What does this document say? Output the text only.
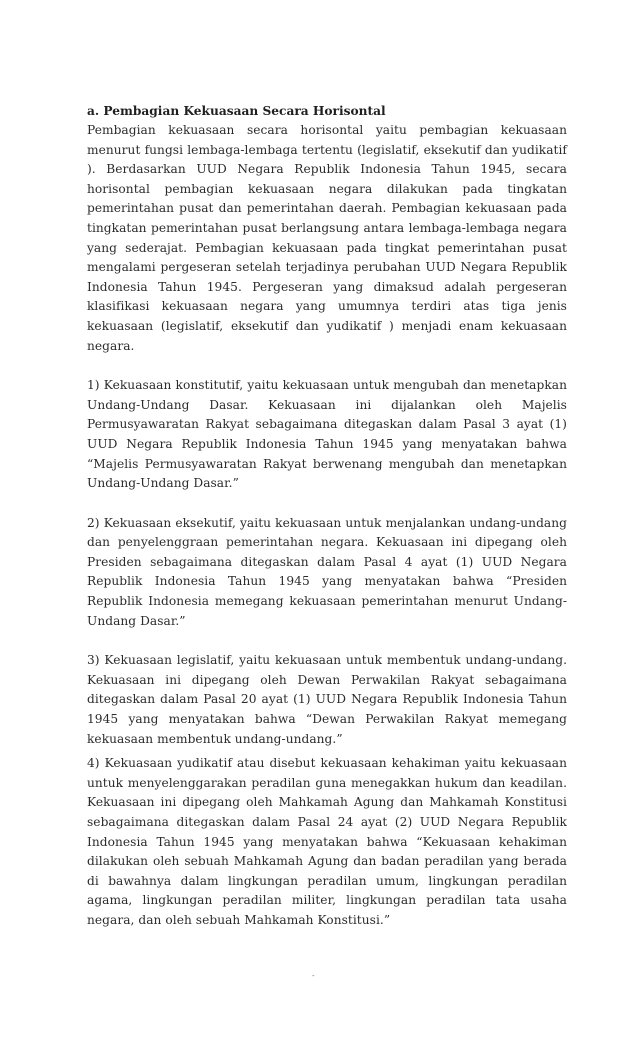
a. Pembagian Kekuasaan Secara Horisontal

Pembagian kekuasaan secara horisontal yaitu pembagian kekuasaan menurut fungsi lembaga-lembaga tertentu (legislatif, eksekutif dan yudikatif ). Berdasarkan UUD Negara Republik Indonesia Tahun 1945, secara horisontal pembagian kekuasaan negara dilakukan pada tingkatan pemerintahan pusat dan pemerintahan daerah. Pembagian kekuasaan pada tingkatan pemerintahan pusat berlangsung antara lembaga-lembaga negara yang sederajat. Pembagian kekuasaan pada tingkat pemerintahan pusat mengalami pergeseran setelah terjadinya perubahan UUD Negara Republik Indonesia Tahun 1945. Pergeseran yang dimaksud adalah pergeseran klasifikasi kekuasaan negara yang umumnya terdiri atas tiga jenis kekuasaan (legislatif, eksekutif dan yudikatif ) menjadi enam kekuasaan negara.

1) Kekuasaan konstitutif, yaitu kekuasaan untuk mengubah dan menetapkan Undang-Undang Dasar. Kekuasaan ini dijalankan oleh Majelis Permusyawaratan Rakyat sebagaimana ditegaskan dalam Pasal 3 ayat (1) UUD Negara Republik Indonesia Tahun 1945 yang menyatakan bahwa “Majelis Permusyawaratan Rakyat berwenang mengubah dan menetapkan Undang-Undang Dasar.”

2) Kekuasaan eksekutif, yaitu kekuasaan untuk menjalankan undang-undang dan penyelenggraan pemerintahan negara. Kekuasaan ini dipegang oleh Presiden sebagaimana ditegaskan dalam Pasal 4 ayat (1) UUD Negara Republik Indonesia Tahun 1945 yang menyatakan bahwa “Presiden Republik Indonesia memegang kekuasaan pemerintahan menurut Undang-Undang Dasar.”

3) Kekuasaan legislatif, yaitu kekuasaan untuk membentuk undang-undang. Kekuasaan ini dipegang oleh Dewan Perwakilan Rakyat sebagaimana ditegaskan dalam Pasal 20 ayat (1) UUD Negara Republik Indonesia Tahun 1945 yang menyatakan bahwa “Dewan Perwakilan Rakyat memegang kekuasaan membentuk undang-undang.”

4) Kekuasaan yudikatif atau disebut kekuasaan kehakiman yaitu kekuasaan untuk menyelenggarakan peradilan guna menegakkan hukum dan keadilan. Kekuasaan ini dipegang oleh Mahkamah Agung dan Mahkamah Konstitusi sebagaimana ditegaskan dalam Pasal 24 ayat (2) UUD Negara Republik Indonesia Tahun 1945 yang menyatakan bahwa “Kekuasaan kehakiman dilakukan oleh sebuah Mahkamah Agung dan badan peradilan yang berada di bawahnya dalam lingkungan peradilan umum, lingkungan peradilan agama, lingkungan peradilan militer, lingkungan peradilan tata usaha negara, dan oleh sebuah Mahkamah Konstitusi.”

-
